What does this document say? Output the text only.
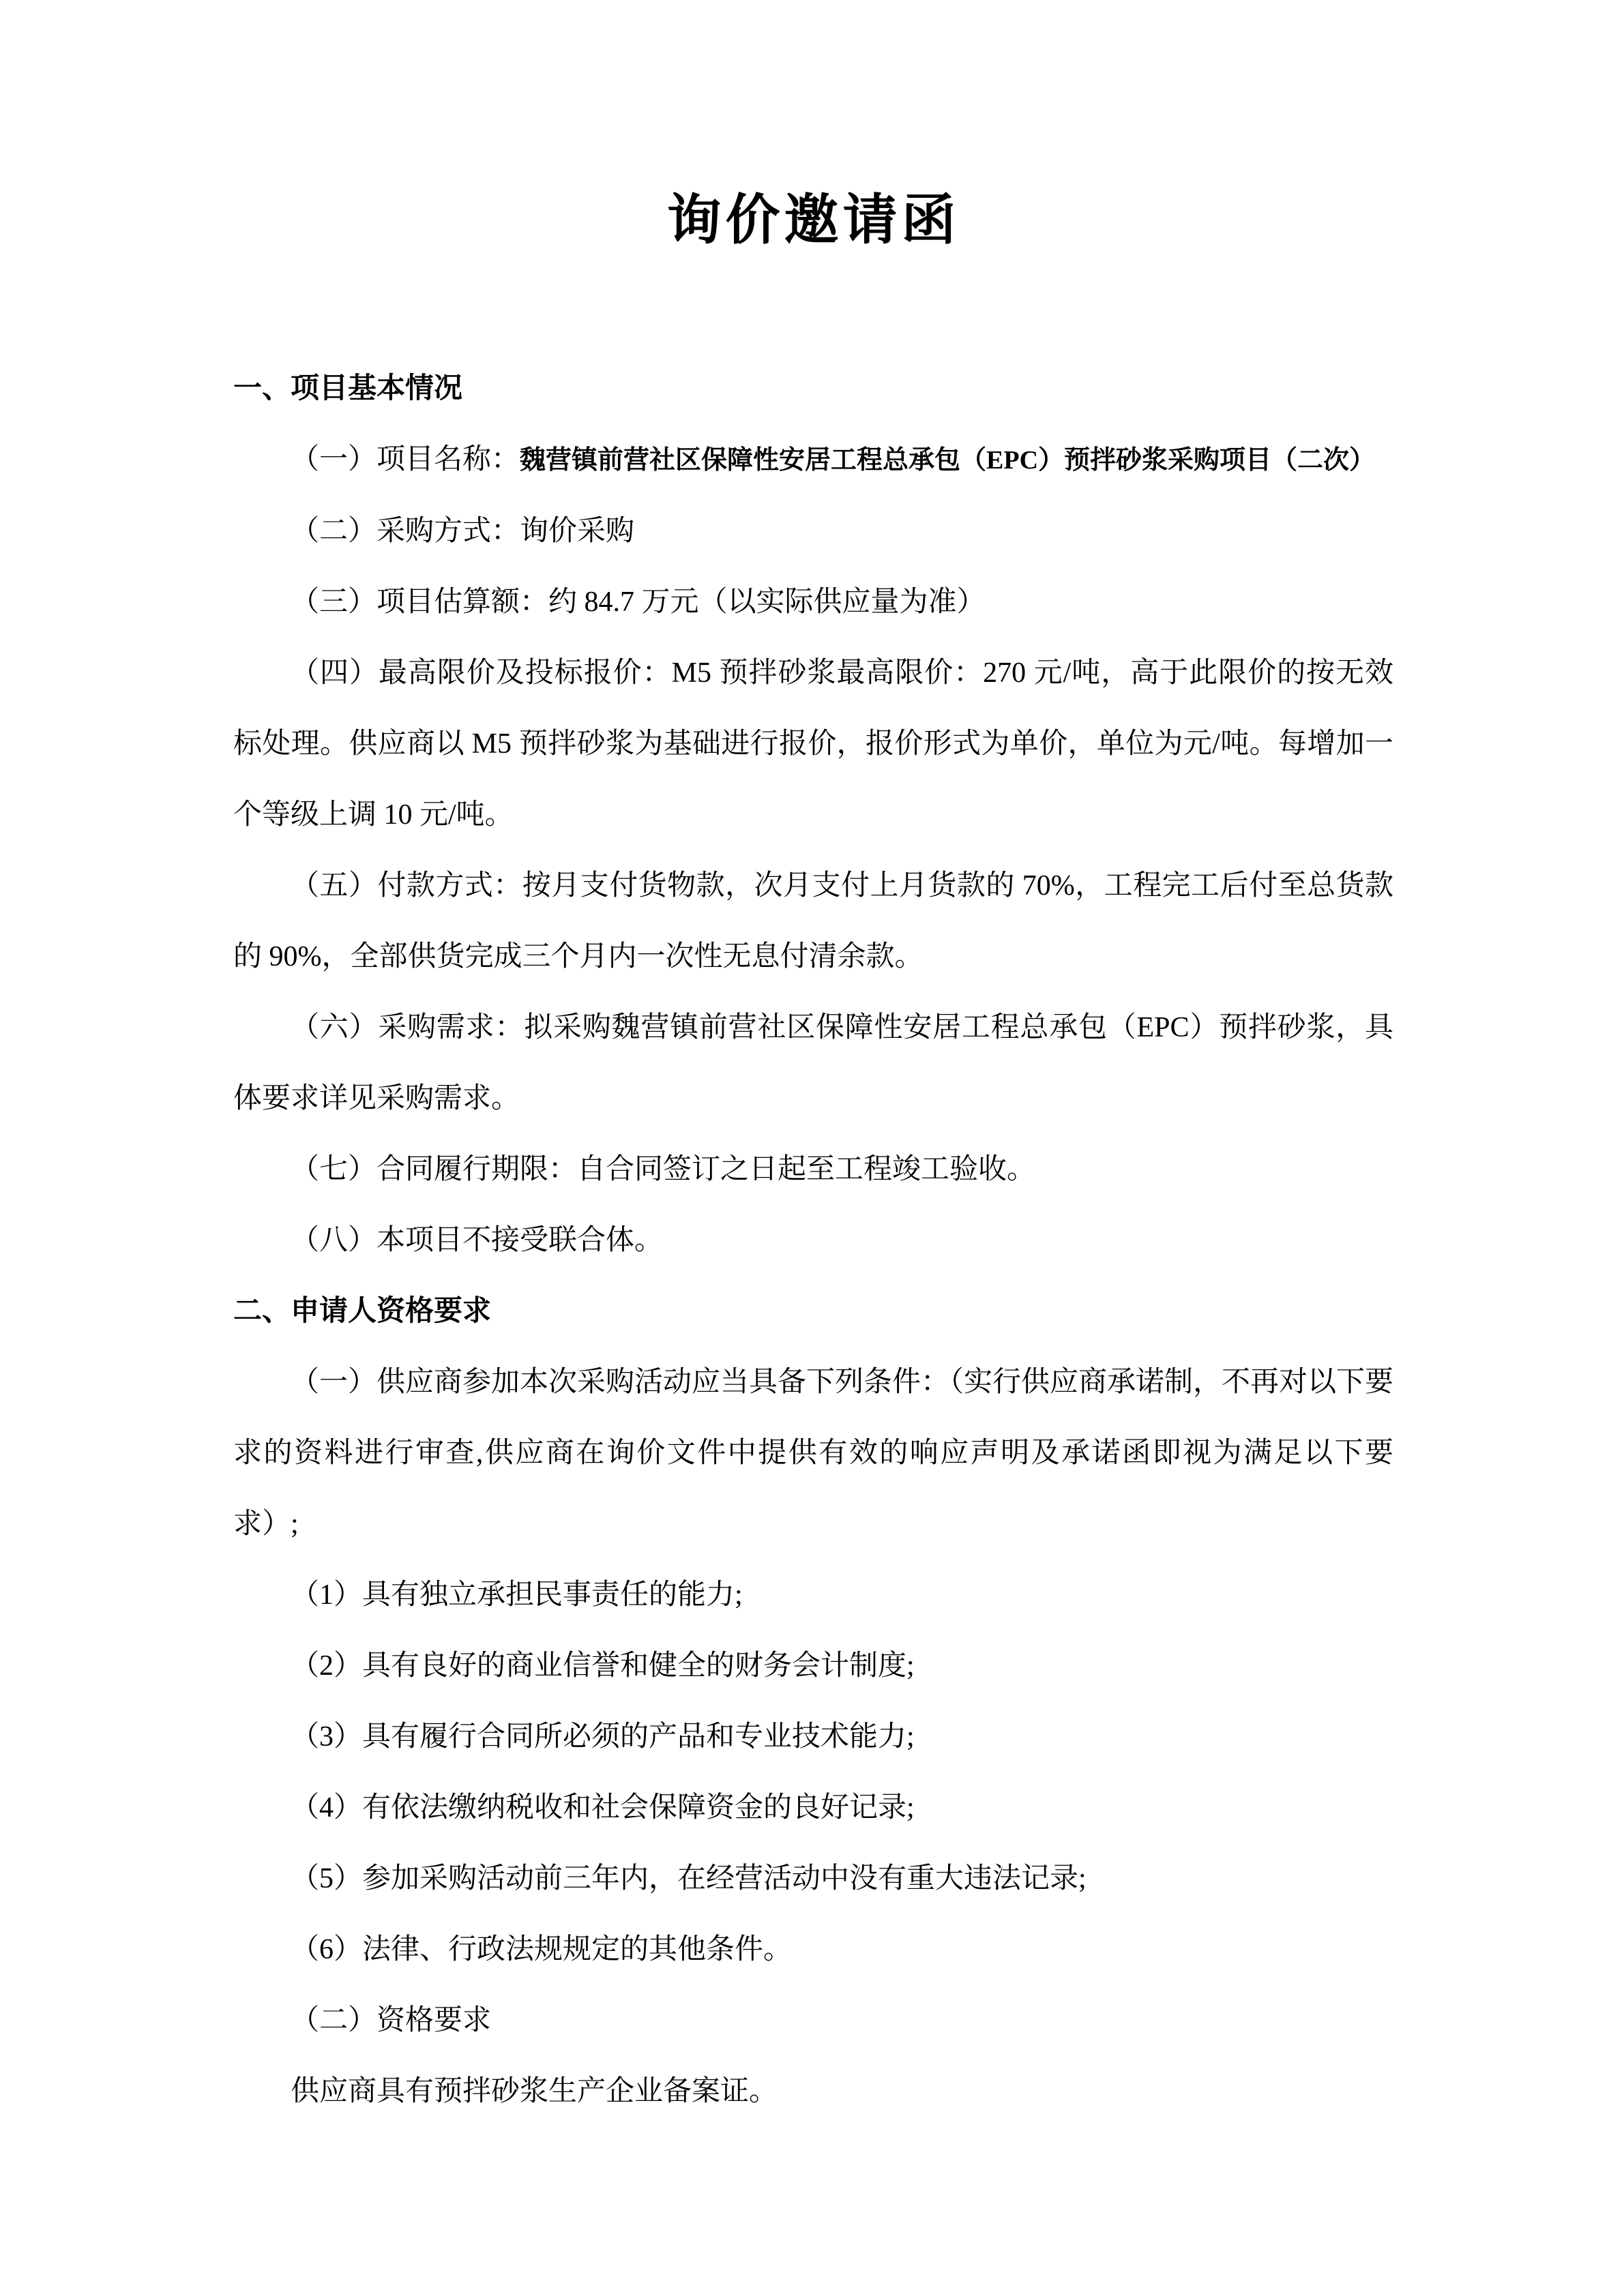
询价邀请函
一、项目基本情况

（一）项目名称：魏营镇前营社区保障性安居工程总承包（EPC）预拌砂浆采购项目（二次）

（二）采购方式：询价采购

（三）项目估算额：约 84.7 万元（以实际供应量为准）

（四）最高限价及投标报价：M5 预拌砂浆最高限价：270 元/吨，高于此限价的按无效标处理。供应商以 M5 预拌砂浆为基础进行报价，报价形式为单价，单位为元/吨。每增加一个等级上调 10 元/吨。

（五）付款方式：按月支付货物款，次月支付上月货款的 70%，工程完工后付至总货款的 90%，全部供货完成三个月内一次性无息付清余款。

（六）采购需求：拟采购魏营镇前营社区保障性安居工程总承包（EPC）预拌砂浆，具体要求详见采购需求。

（七）合同履行期限：自合同签订之日起至工程竣工验收。

（八）本项目不接受联合体。

二、申请人资格要求

（一）供应商参加本次采购活动应当具备下列条件：（实行供应商承诺制，不再对以下要求的资料进行审查,供应商在询价文件中提供有效的响应声明及承诺函即视为满足以下要求）;

（1）具有独立承担民事责任的能力;

（2）具有良好的商业信誉和健全的财务会计制度;

（3）具有履行合同所必须的产品和专业技术能力;

（4）有依法缴纳税收和社会保障资金的良好记录;

（5）参加采购活动前三年内，在经营活动中没有重大违法记录;

（6）法律、行政法规规定的其他条件。

（二）资格要求

供应商具有预拌砂浆生产企业备案证。
